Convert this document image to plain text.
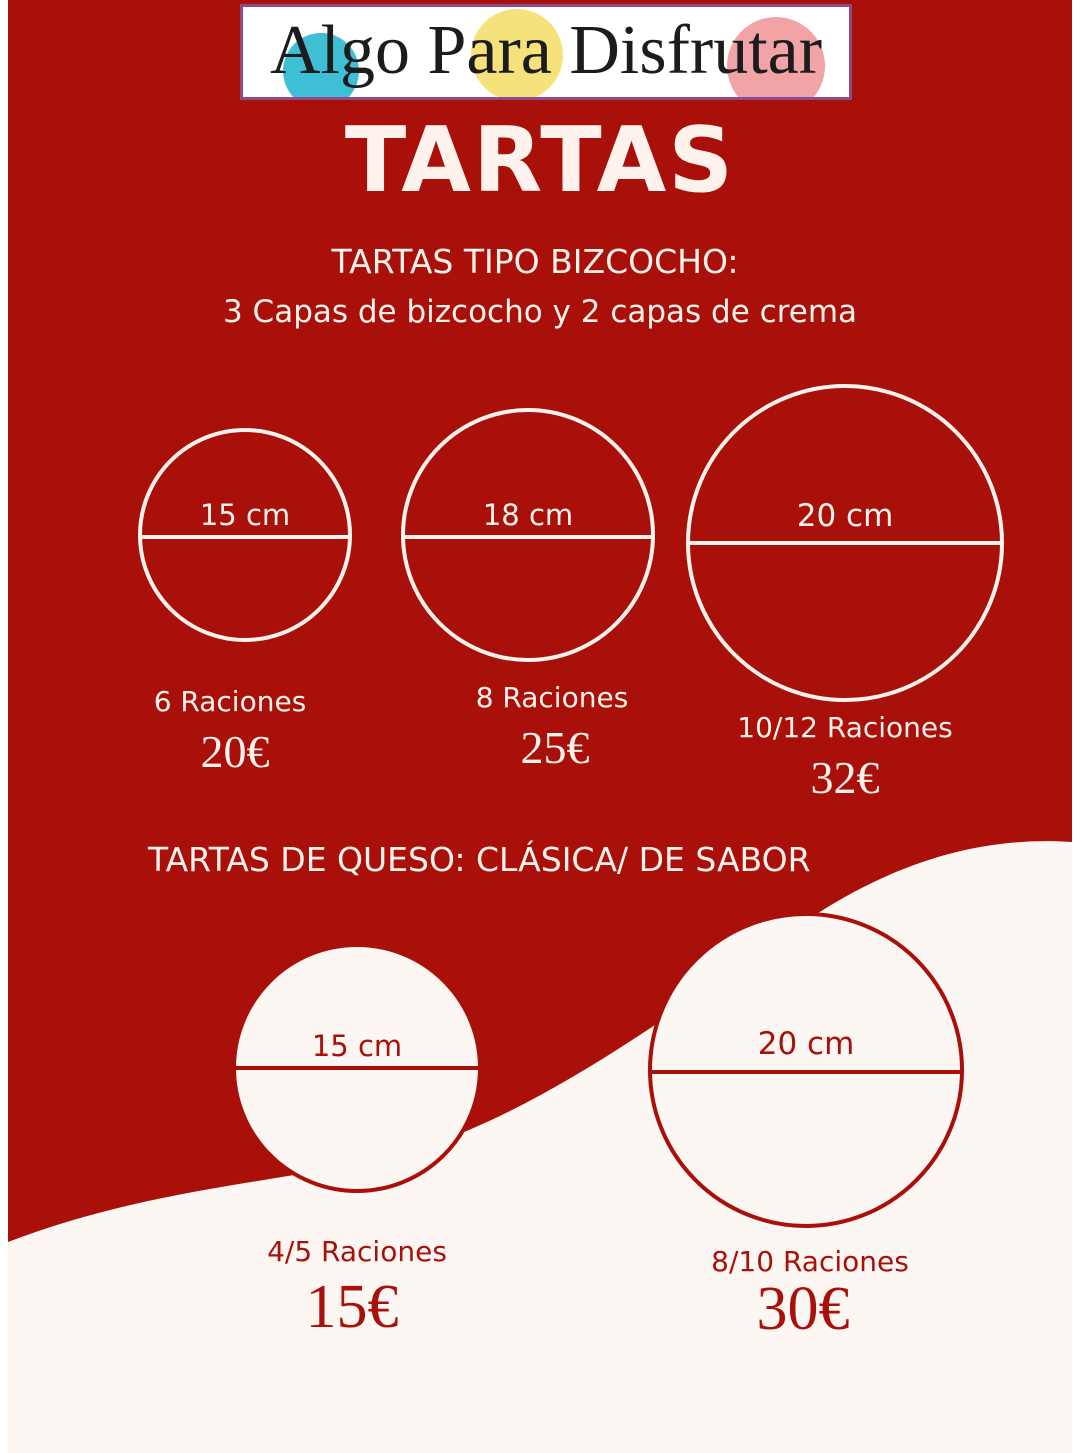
Algo Para Disfrutar
TARTAS

TARTAS TIPO BIZCOCHO:

3 Capas de bizcocho y 2 capas de crema

15 cm	18 cm	20 cm
6 Raciones
20€
8 Raciones
25€	10/12 Raciones
32€

TARTAS DE QUESO: CLÁSICA/ DE SABOR

15 cm	20 cm
4/5 Raciones
15€
8/10 Raciones
30€
